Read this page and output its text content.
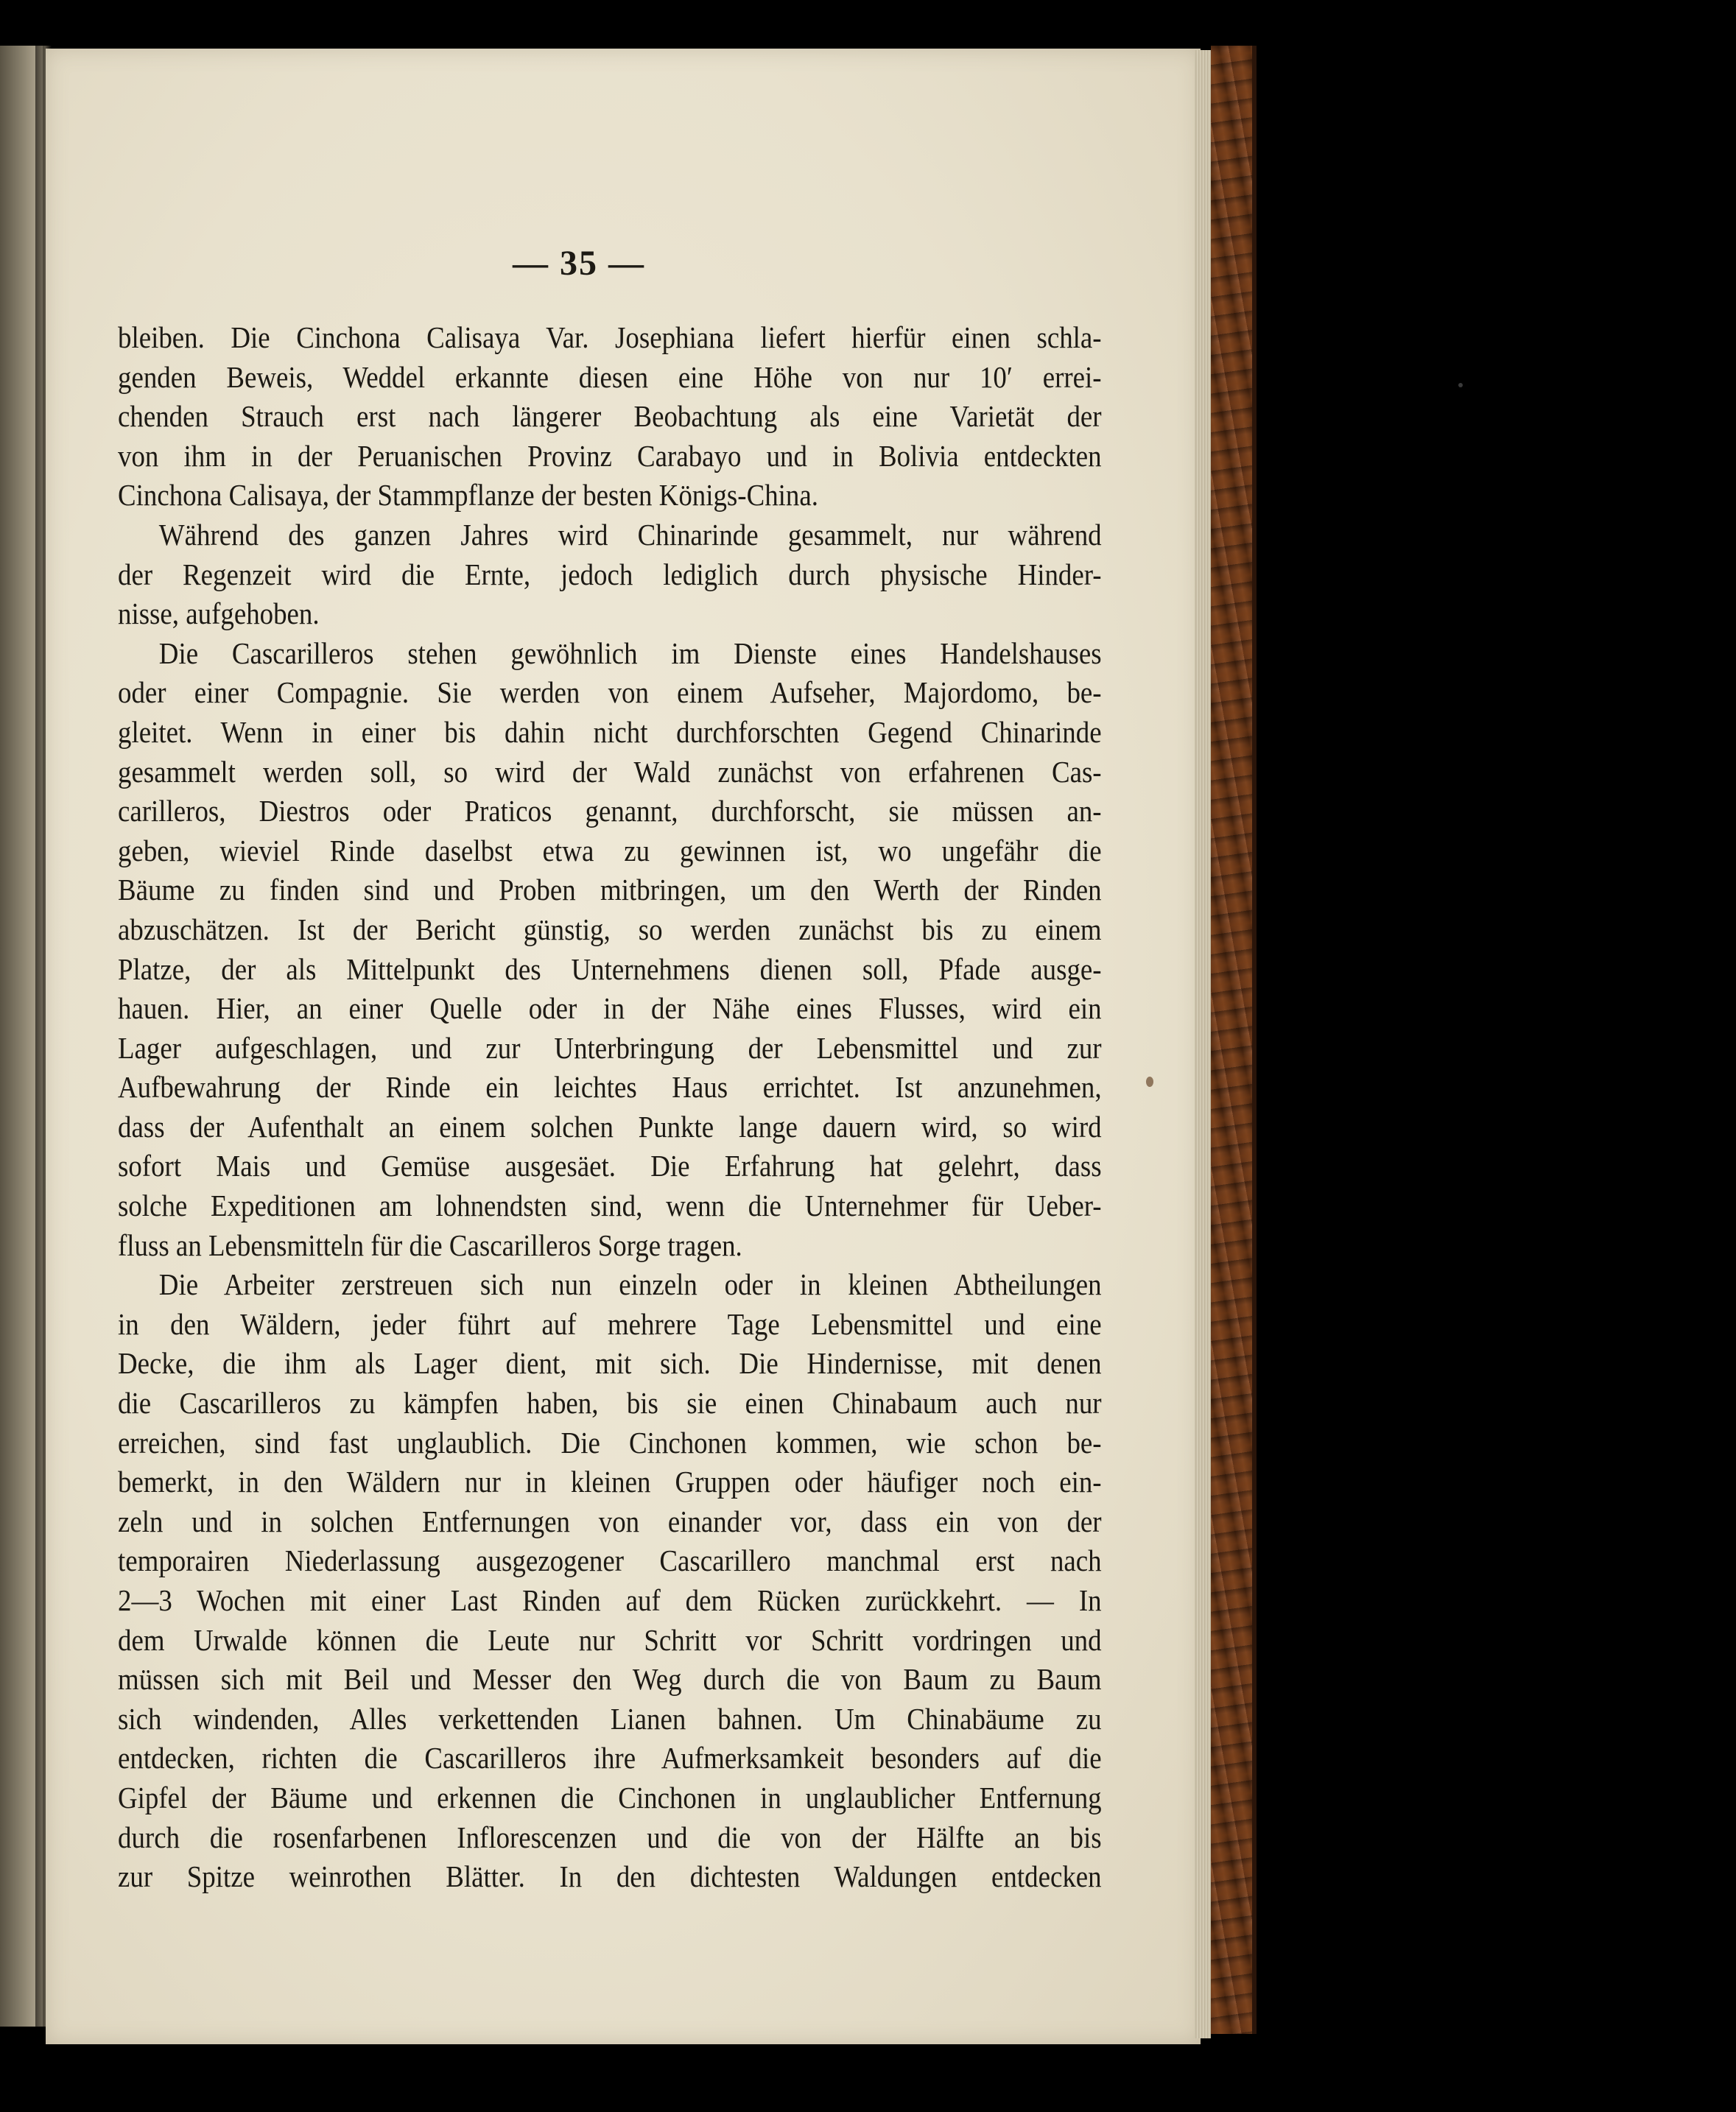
— 35 —

bleiben. Die Cinchona Calisaya Var. Josephiana liefert hierfür einen schla-
genden Beweis, Weddel erkannte diesen eine Höhe von nur 10′ errei-
chenden Strauch erst nach längerer Beobachtung als eine Varietät der
von ihm in der Peruanischen Provinz Carabayo und in Bolivia entdeckten
Cinchona Calisaya, der Stammpflanze der besten Königs-China.

Während des ganzen Jahres wird Chinarinde gesammelt, nur während
der Regenzeit wird die Ernte, jedoch lediglich durch physische Hinder-
nisse, aufgehoben.

Die Cascarilleros stehen gewöhnlich im Dienste eines Handelshauses
oder einer Compagnie. Sie werden von einem Aufseher, Majordomo, be-
gleitet. Wenn in einer bis dahin nicht durchforschten Gegend Chinarinde
gesammelt werden soll, so wird der Wald zunächst von erfahrenen Cas-
carilleros, Diestros oder Praticos genannt, durchforscht, sie müssen an-
geben, wieviel Rinde daselbst etwa zu gewinnen ist, wo ungefähr die
Bäume zu finden sind und Proben mitbringen, um den Werth der Rinden
abzuschätzen. Ist der Bericht günstig, so werden zunächst bis zu einem
Platze, der als Mittelpunkt des Unternehmens dienen soll, Pfade ausge-
hauen. Hier, an einer Quelle oder in der Nähe eines Flusses, wird ein
Lager aufgeschlagen, und zur Unterbringung der Lebensmittel und zur
Aufbewahrung der Rinde ein leichtes Haus errichtet. Ist anzunehmen,
dass der Aufenthalt an einem solchen Punkte lange dauern wird, so wird
sofort Mais und Gemüse ausgesäet. Die Erfahrung hat gelehrt, dass
solche Expeditionen am lohnendsten sind, wenn die Unternehmer für Ueber-
fluss an Lebensmitteln für die Cascarilleros Sorge tragen.

Die Arbeiter zerstreuen sich nun einzeln oder in kleinen Abtheilungen
in den Wäldern, jeder führt auf mehrere Tage Lebensmittel und eine
Decke, die ihm als Lager dient, mit sich. Die Hindernisse, mit denen
die Cascarilleros zu kämpfen haben, bis sie einen Chinabaum auch nur
erreichen, sind fast unglaublich. Die Cinchonen kommen, wie schon be-
bemerkt, in den Wäldern nur in kleinen Gruppen oder häufiger noch ein-
zeln und in solchen Entfernungen von einander vor, dass ein von der
temporairen Niederlassung ausgezogener Cascarillero manchmal erst nach
2—3 Wochen mit einer Last Rinden auf dem Rücken zurückkehrt. — In
dem Urwalde können die Leute nur Schritt vor Schritt vordringen und
müssen sich mit Beil und Messer den Weg durch die von Baum zu Baum
sich windenden, Alles verkettenden Lianen bahnen. Um Chinabäume zu
entdecken, richten die Cascarilleros ihre Aufmerksamkeit besonders auf die
Gipfel der Bäume und erkennen die Cinchonen in unglaublicher Entfernung
durch die rosenfarbenen Inflorescenzen und die von der Hälfte an bis
zur Spitze weinrothen Blätter. In den dichtesten Waldungen entdecken
